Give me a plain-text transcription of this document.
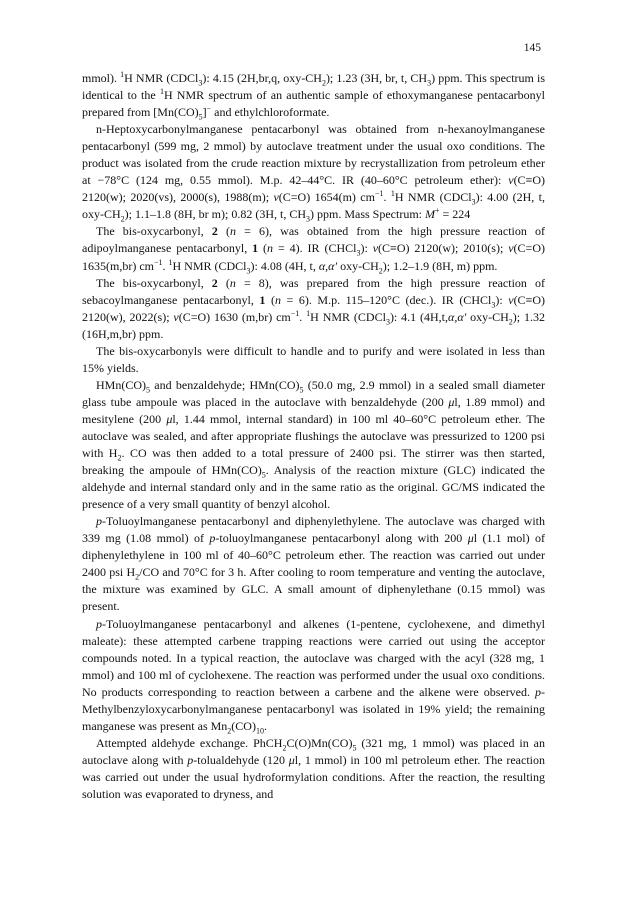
145

mmol). $^1$H NMR (CDCl$_3$): 4.15 (2H,br,q, oxy-$CH_2$); 1.23 (3H, br, t, $CH_3$) ppm. This spectrum is identical to the $^1$H NMR spectrum of an authentic sample of ethoxymanganese pentacarbonyl prepared from $[Mn(CO)_5]^-$ and ethylchloroformate.

n-Heptoxycarbonylmanganese pentacarbonyl was obtained from n-hexanoylmanganese pentacarbonyl (599 mg, 2 mmol) by autoclave treatment under the usual oxo conditions. The product was isolated from the crude reaction mixture by recrystallization from petroleum ether at −78°C (124 mg, 0.55 mmol). M.p. 42–44°C. IR (40–60°C petroleum ether): ν(C≡O) 2120(w); 2020(vs), 2000(s), 1988(m); ν(C=O) 1654(m) $cm^{-1}$. $^1$H NMR (CDCl$_3$): 4.00 (2H, t, oxy-$CH_2$); 1.1–1.8 (8H, br m); 0.82 (3H, t, $CH_3$) ppm. Mass Spectrum: M+ = 224

The bis-oxycarbonyl, 2 (n = 6), was obtained from the high pressure reaction of adipoylmanganese pentacarbonyl, 1 (n = 4). IR (CHCl$_3$): ν(C≡O) 2120(w); 2010(s); ν(C=O) 1635(m,br) $cm^{-1}$. $^1$H NMR (CDCl$_3$): 4.08 (4H, t, α,α′ oxy-$CH_2$); 1.2–1.9 (8H, m) ppm.

The bis-oxycarbonyl, 2 (n = 8), was prepared from the high pressure reaction of sebacoylmanganese pentacarbonyl, 1 (n = 6). M.p. 115–120°C (dec.). IR (CHCl$_3$): ν(C≡O) 2120(w), 2022(s); ν(C=O) 1630 (m,br) $cm^{-1}$. $^1$H NMR (CDCl$_3$): 4.1 (4H,t,α,α′ oxy-$CH_2$); 1.32 (16H,m,br) ppm.

The bis-oxycarbonyls were difficult to handle and to purify and were isolated in less than 15% yields.

$HMn(CO)_5$ and benzaldehyde; $HMn(CO)_5$ (50.0 mg, 2.9 mmol) in a sealed small diameter glass tube ampoule was placed in the autoclave with benzaldehyde (200 μl, 1.89 mmol) and mesitylene (200 μl, 1.44 mmol, internal standard) in 100 ml 40–60°C petroleum ether. The autoclave was sealed, and after appropriate flushings the autoclave was pressurized to 1200 psi with $H_2$. CO was then added to a total pressure of 2400 psi. The stirrer was then started, breaking the ampoule of $HMn(CO)_5$. Analysis of the reaction mixture (GLC) indicated the aldehyde and internal standard only and in the same ratio as the original. GC/MS indicated the presence of a very small quantity of benzyl alcohol.

p-Toluoylmanganese pentacarbonyl and diphenylethylene. The autoclave was charged with 339 mg (1.08 mmol) of p-toluoylmanganese pentacarbonyl along with 200 μl (1.1 mol) of diphenylethylene in 100 ml of 40–60°C petroleum ether. The reaction was carried out under 2400 psi $H_2/CO$ and 70°C for 3 h. After cooling to room temperature and venting the autoclave, the mixture was examined by GLC. A small amount of diphenylethane (0.15 mmol) was present.

p-Toluoylmanganese pentacarbonyl and alkenes (1-pentene, cyclohexene, and dimethyl maleate): these attempted carbene trapping reactions were carried out using the acceptor compounds noted. In a typical reaction, the autoclave was charged with the acyl (328 mg, 1 mmol) and 100 ml of cyclohexene. The reaction was performed under the usual oxo conditions. No products corresponding to reaction between a carbene and the alkene were observed. p-Methylbenzyloxycarbonylmanganese pentacarbonyl was isolated in 19% yield; the remaining manganese was present as $Mn_2(CO)_{10}$.

Attempted aldehyde exchange. $PhCH_2C(O)Mn(CO)_5$ (321 mg, 1 mmol) was placed in an autoclave along with p-tolualdehyde (120 μl, 1 mmol) in 100 ml petroleum ether. The reaction was carried out under the usual hydroformylation conditions. After the reaction, the resulting solution was evaporated to dryness, and
